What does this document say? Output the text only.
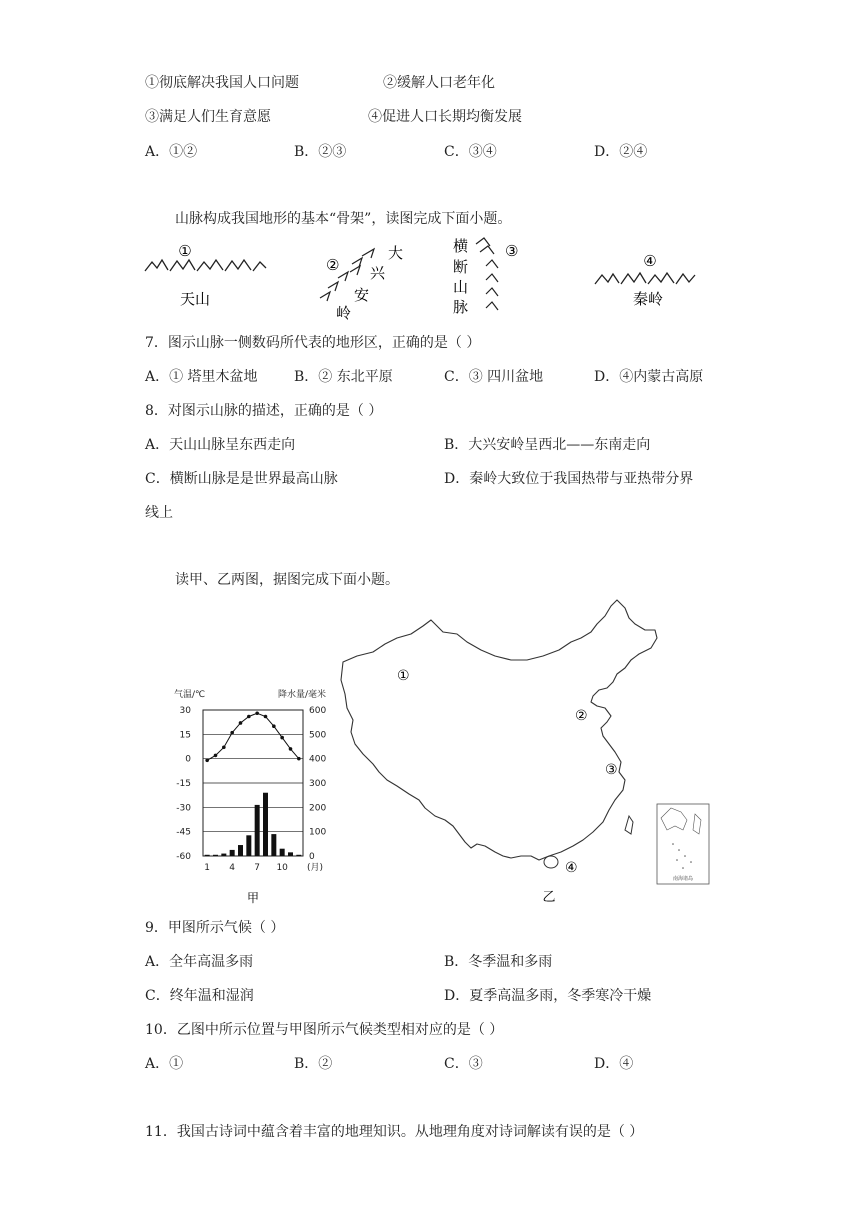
①彻底解决我国人口问题	②缓解人口老年化
③满足人们生育意愿	④促进人口长期均衡发展
A．①②	B．②③	C．③④	D．②④
山脉构成我国地形的基本“骨架”，读图完成下面小题。
①
天山
②
大
兴
安
岭
横
断
山
脉
③
④
秦岭
7．图示山脉一侧数码所代表的地形区，正确的是（ ）
A．① 塔里木盆地	B．② 东北平原	C．③ 四川盆地	D．④内蒙古高原
8．对图示山脉的描述，正确的是（ ）
A．天山山脉呈东西走向	B．大兴安岭呈西北——东南走向
C．横断山脉是是世界最高山脉	D．秦岭大致位于我国热带与亚热带分界
线上
读甲、乙两图，据图完成下面小题。
气温/℃	降水量/毫米
30
15
0
-15
-30
-45
-60
600
500
400
300
200
100
0
1 4 7 10 (月)
甲
①
②
③
④
乙
南海诸岛
9．甲图所示气候（ ）
A．全年高温多雨	B．冬季温和多雨
C．终年温和湿润	D．夏季高温多雨，冬季寒冷干燥
10．乙图中所示位置与甲图所示气候类型相对应的是（ ）
A．①	B．②	C．③	D．④
11．我国古诗词中蕴含着丰富的地理知识。从地理角度对诗词解读有误的是（ ）
